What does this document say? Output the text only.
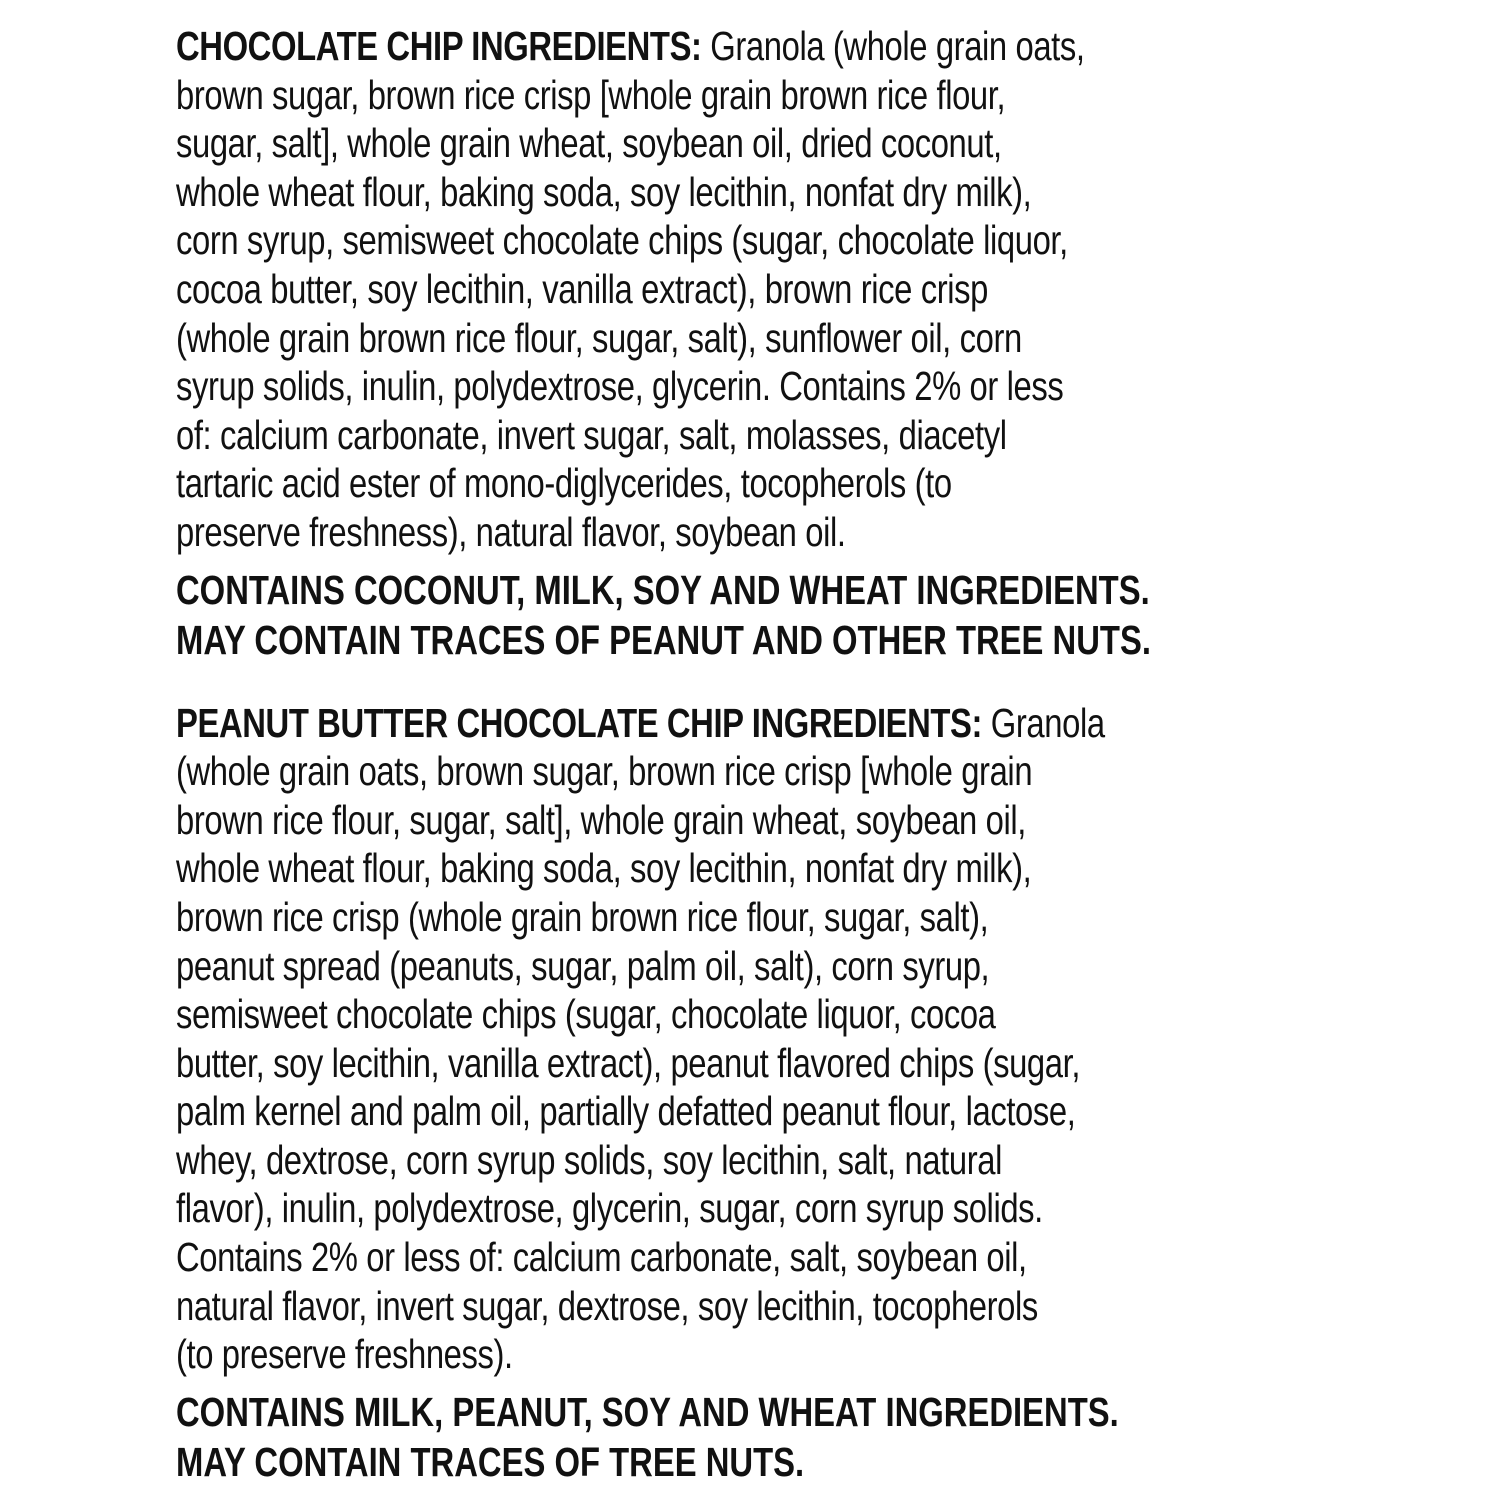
CHOCOLATE CHIP INGREDIENTS: Granola (whole grain oats,
brown sugar, brown rice crisp [whole grain brown rice flour,
sugar, salt], whole grain wheat, soybean oil, dried coconut,
whole wheat flour, baking soda, soy lecithin, nonfat dry milk),
corn syrup, semisweet chocolate chips (sugar, chocolate liquor,
cocoa butter, soy lecithin, vanilla extract), brown rice crisp
(whole grain brown rice flour, sugar, salt), sunflower oil, corn
syrup solids, inulin, polydextrose, glycerin. Contains 2% or less
of: calcium carbonate, invert sugar, salt, molasses, diacetyl
tartaric acid ester of mono-diglycerides, tocopherols (to
preserve freshness), natural flavor, soybean oil.
CONTAINS COCONUT, MILK, SOY AND WHEAT INGREDIENTS.
MAY CONTAIN TRACES OF PEANUT AND OTHER TREE NUTS.
PEANUT BUTTER CHOCOLATE CHIP INGREDIENTS: Granola
(whole grain oats, brown sugar, brown rice crisp [whole grain
brown rice flour, sugar, salt], whole grain wheat, soybean oil,
whole wheat flour, baking soda, soy lecithin, nonfat dry milk),
brown rice crisp (whole grain brown rice flour, sugar, salt),
peanut spread (peanuts, sugar, palm oil, salt), corn syrup,
semisweet chocolate chips (sugar, chocolate liquor, cocoa
butter, soy lecithin, vanilla extract), peanut flavored chips (sugar,
palm kernel and palm oil, partially defatted peanut flour, lactose,
whey, dextrose, corn syrup solids, soy lecithin, salt, natural
flavor), inulin, polydextrose, glycerin, sugar, corn syrup solids.
Contains 2% or less of: calcium carbonate, salt, soybean oil,
natural flavor, invert sugar, dextrose, soy lecithin, tocopherols
(to preserve freshness).
CONTAINS MILK, PEANUT, SOY AND WHEAT INGREDIENTS.
MAY CONTAIN TRACES OF TREE NUTS.
